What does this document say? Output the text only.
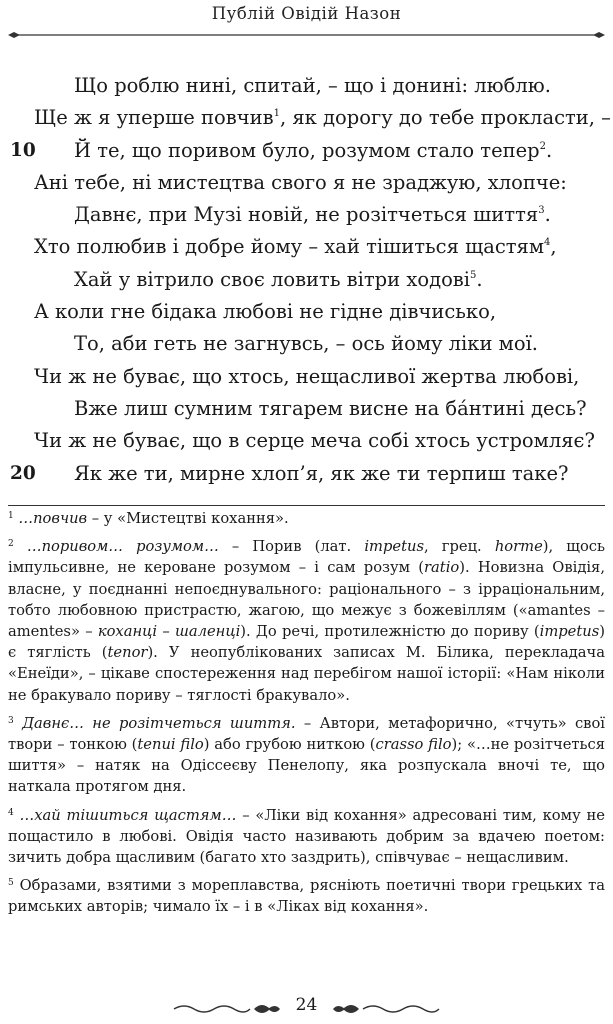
Публій Овідій Назон
Що роблю нині, спитай, – що і донині: люблю.
Ще ж я уперше повчив$^1$, як дорогу до тебе прокласти, –
10 Й те, що поривом було, розумом стало тепер$^2$.
Ані тебе, ні мистецтва свого я не зраджую, хлопче:
Давнє, при Музі новій, не розітчеться шиття$^3$.
Хто полюбив і добре йому – хай тішиться щастям$^4$,
Хай у вітрило своє ловить вітри ходові$^5$.
А коли гне бідака любові не гідне дівчисько,
То, аби геть не загнувсь, – ось йому ліки мої.
Чи ж не буває, що хтось, нещасливої жертва любові,
Вже лиш сумним тягарем висне на ба́нтині десь?
Чи ж не буває, що в серце меча собі хтось устромляє?
20 Як же ти, мирне хлоп’я, як же ти терпиш таке?

$^1$ …повчив – у «Мистецтві кохання».

$^2$ …поривом… розумом… – Порив (лат. impetus, грец. horme), щось імпульсивне, не кероване розумом – і сам розум (ratio). Новизна Овідія, власне, у поєднанні непоєднувального: раціонального – з ірраціональним, тобто любовною пристрастю, жагою, що межує з божевіллям («amantes – amentes» – коханці – шаленці). До речі, протилежністю до пориву (impetus) є тяглість (tenor). У неопублікованих записах М. Білика, перекладача «Енеїди», – цікаве спостереження над перебігом нашої історії: «Нам ніколи не бракувало пориву – тяглості бракувало».

$^3$ Давнє… не розітчеться шиття. – Автори, метафорично, «тчуть» свої твори – тонкою (tenui filo) або грубою ниткою (crasso filo); «…не розітчеться шиття» – натяк на Одіссеєву Пенелопу, яка розпускала вночі те, що наткала протягом дня.

$^4$ …хай тішиться щастям… – «Ліки від кохання» адресовані тим, кому не пощастило в любові. Овідія часто називають добрим за вдачею поетом: зичить добра щасливим (багато хто заздрить), співчуває – нещасливим.

$^5$ Образами, взятими з мореплавства, рясніють поетичні твори грецьких та римських авторів; чимало їх – і в «Ліках від кохання».

24
